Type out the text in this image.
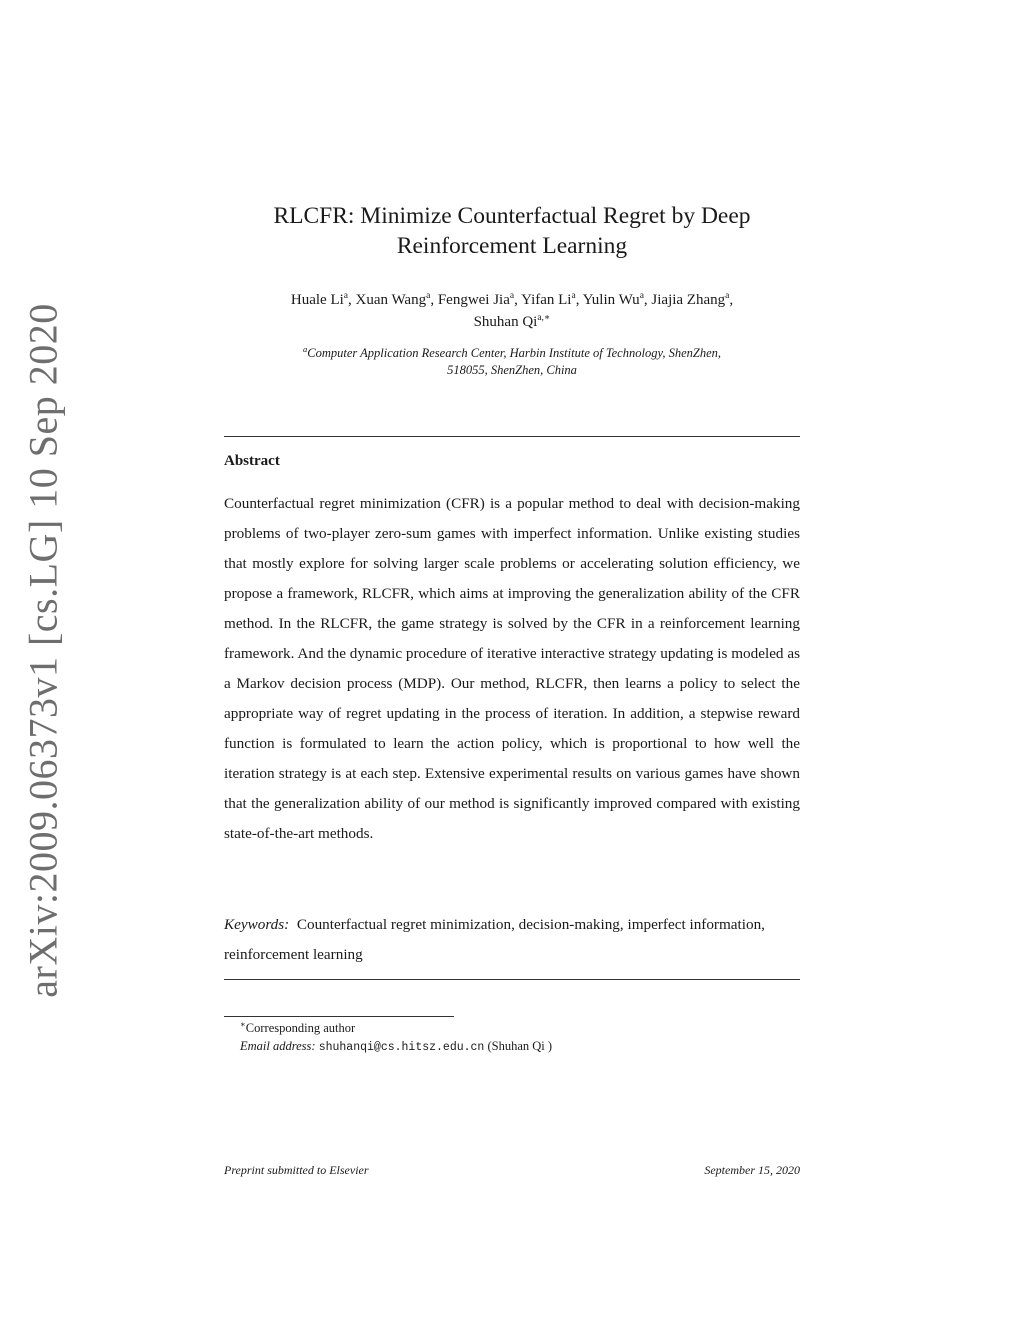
arXiv:2009.06373v1 [cs.LG] 10 Sep 2020
RLCFR: Minimize Counterfactual Regret by Deep Reinforcement Learning
Huale Li$^a$, Xuan Wang$^a$, Fengwei Jia$^a$, Yifan Li$^a$, Yulin Wu$^a$, Jiajia Zhang$^a$,
Shuhan $Qi^{a,∗}$
$^a$Computer Application Research Center, Harbin Institute of Technology, ShenZhen,
518055, ShenZhen, China
Abstract

Counterfactual regret minimization (CFR) is a popular method to deal with decision-making problems of two-player zero-sum games with imperfect information. Unlike existing studies that mostly explore for solving larger scale problems or accelerating solution efficiency, we propose a framework, RLCFR, which aims at improving the generalization ability of the CFR method. In the RLCFR, the game strategy is solved by the CFR in a reinforcement learning framework. And the dynamic procedure of iterative interactive strategy updating is modeled as a Markov decision process (MDP). Our method, RLCFR, then learns a policy to select the appropriate way of regret updating in the process of iteration. In addition, a stepwise reward function is formulated to learn the action policy, which is proportional to how well the iteration strategy is at each step. Extensive experimental results on various games have shown that the generalization ability of our method is significantly improved compared with existing state-of-the-art methods.

Keywords: Counterfactual regret minimization, decision-making, imperfect information, reinforcement learning

∗Corresponding author
Email address: shuhanqi@cs.hitsz.edu.cn (Shuhan Qi )
Preprint submitted to Elsevier	September 15, 2020
